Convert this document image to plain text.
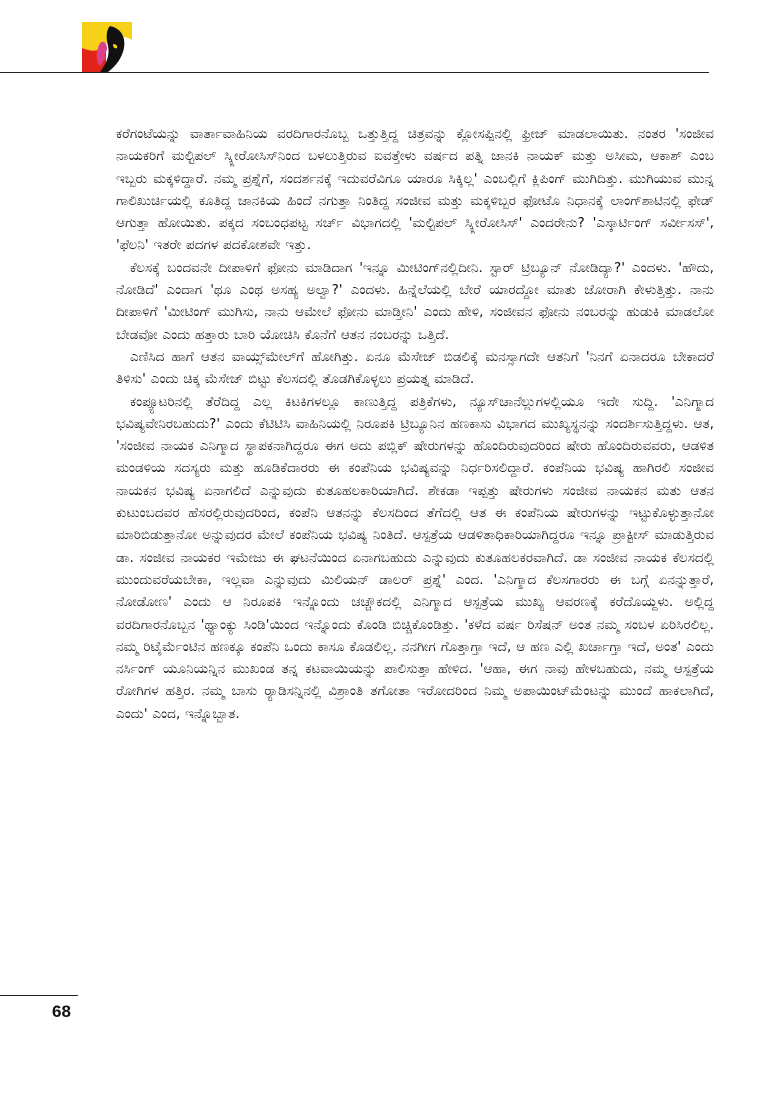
ಕರೆಗಂಟೆಯನ್ನು ವಾರ್ತಾವಾಹಿನಿಯ ವರದಿಗಾರನೊಬ್ಬ ಒತ್ತುತ್ತಿದ್ದ ಚಿತ್ರವನ್ನು ಕ್ಲೋಸಪ್ಪಿನಲ್ಲಿ ಫ್ರೀಜ್ ಮಾಡಲಾಯಿತು. ನಂತರ 'ಸಂಜೀವ ನಾಯಕರಿಗೆ ಮಲ್ಟಿಪಲ್ ಸ್ಕ್ಲೀರೋಸಿಸ್‌ನಿಂದ ಬಳಲುತ್ತಿರುವ ಐವತ್ತೇಳು ವರ್ಷದ ಪತ್ನಿ ಜಾನಕಿ ನಾಯಕ್ ಮತ್ತು ಅಸೀಮ, ಆಕಾಶ್ ಎಂಬ ಇಬ್ಬರು ಮಕ್ಕಳಿದ್ದಾರೆ. ನಮ್ಮ ಪ್ರಶ್ನೆಗೆ, ಸಂದರ್ಶನಕ್ಕೆ ಇದುವರೆವಿಗೂ ಯಾರೂ ಸಿಕ್ಕಿಲ್ಲ' ಎಂಬಲ್ಲಿಗೆ ಕ್ಲಿಪಿಂಗ್ ಮುಗಿದಿತ್ತು. ಮುಗಿಯುವ ಮುನ್ನ ಗಾಲಿಖುರ್ಚಿಯಲ್ಲಿ ಕೂತಿದ್ದ ಜಾನಕಿಯ ಹಿಂದೆ ನಗುತ್ತಾ ನಿಂತಿದ್ದ ಸಂಜೀವ ಮತ್ತು ಮಕ್ಕಳಿಬ್ಬರ ಫೋಟೊ ನಿಧಾನಕ್ಕೆ ಲಾಂಗ್‌ಶಾಟಿನಲ್ಲಿ ಫೇಡ್ ಆಗುತ್ತಾ ಹೋಯಿತು. ಪಕ್ಕದ ಸಂಬಂಧಪಟ್ಟ ಸರ್ಚ್ ವಿಭಾಗದಲ್ಲಿ 'ಮಲ್ಟಿಪಲ್ ಸ್ಕ್ಲೀರೋಸಿಸ್' ಎಂದರೇನು? 'ಎಸ್ಕಾರ್ಟಿಂಗ್ ಸರ್ವೀಸಸ್', 'ಫೆಲನಿ' ಇತರೇ ಪದಗಳ ಪದಕೋಶವೇ ಇತ್ತು.

ಕೆಲಸಕ್ಕೆ ಬಂದವನೇ ದೀಪಾಳಿಗೆ ಫೋನು ಮಾಡಿದಾಗ 'ಇನ್ನೂ ಮೀಟಿಂಗ್‌ನಲ್ಲಿದೀನಿ. ಸ್ಟಾರ್ ಟ್ರಿಬ್ಯೂನ್ ನೋಡಿದ್ಯಾ?' ಎಂದಳು. 'ಹೌದು, ನೋಡಿದೆ' ಎಂದಾಗ 'ಥೂ ಎಂಥ ಅಸಹ್ಯ ಅಲ್ವಾ?' ಎಂದಳು. ಹಿನ್ನೆಲೆಯಲ್ಲಿ ಬೇರೆ ಯಾರದ್ದೋ ಮಾತು ಜೋರಾಗಿ ಕೇಳುತ್ತಿತ್ತು. ನಾನು ದೀಪಾಳಿಗೆ 'ಮೀಟಿಂಗ್ ಮುಗಿಸು, ನಾನು ಆಮೇಲೆ ಫೋನು ಮಾಡ್ತೀನಿ' ಎಂದು ಹೇಳಿ, ಸಂಜೀವನ ಫೋನು ನಂಬರನ್ನು ಹುಡುಕಿ ಮಾಡಲೋ ಬೇಡವೋ ಎಂದು ಹತ್ತಾರು ಬಾರಿ ಯೋಚಿಸಿ ಕೊನೆಗೆ ಆತನ ನಂಬರನ್ನು ಒತ್ತಿದೆ.

ಎಣಿಸಿದ ಹಾಗೆ ಆತನ ವಾಯ್ಸ್‌ಮೇಲ್‌ಗೆ ಹೋಗಿತ್ತು. ಏನೂ ಮೆಸೇಜ್ ಬಿಡಲಿಕ್ಕೆ ಮನಸ್ಸಾಗದೇ ಆತನಿಗೆ 'ನಿನಗೆ ಏನಾದರೂ ಬೇಕಾದರೆ ತಿಳಿಸು' ಎಂದು ಚಿಕ್ಕ ಮೆಸೇಜ್ ಬಿಟ್ಟು ಕೆಲಸದಲ್ಲಿ ತೊಡಗಿಕೊಳ್ಳಲು ಪ್ರಯತ್ನ ಮಾಡಿದೆ.

ಕಂಪ್ಯೂಟರಿನಲ್ಲಿ ತೆರೆದಿದ್ದ ಎಲ್ಲ ಕಿಟಕಿಗಳಲ್ಲೂ ಕಾಣುತ್ತಿದ್ದ ಪತ್ರಿಕೆಗಳು, ನ್ಯೂಸ್‌ಚಾನೆಲ್ಲುಗಳಲ್ಲಿಯೂ ಇದೇ ಸುದ್ದಿ. 'ಎನಿಗ್ಮಾದ ಭವಿಷ್ಯವೇನಿರಬಹುದು?' ಎಂದು ಕೆಟಿಟಿಸಿ ವಾಹಿನಿಯಲ್ಲಿ ನಿರೂಪಕಿ ಟ್ರಿಬ್ಯೂನಿನ ಹಣಕಾಸು ವಿಭಾಗದ ಮುಖ್ಯಸ್ಥನನ್ನು ಸಂದರ್ಶಿಸುತ್ತಿದ್ದಳು. ಆತ, 'ಸಂಜೀವ ನಾಯಕ ಎನಿಗ್ಮಾದ ಸ್ಥಾಪಕನಾಗಿದ್ದರೂ ಈಗ ಅದು ಪಬ್ಲಿಕ್ ಷೇರುಗಳನ್ನು ಹೊಂದಿರುವುದರಿಂದ ಷೇರು ಹೊಂದಿರುವವರು, ಆಡಳಿತ ಮಂಡಳಿಯ ಸದಸ್ಯರು ಮತ್ತು ಹೂಡಿಕೆದಾರರು ಈ ಕಂಪೆನಿಯ ಭವಿಷ್ಯವನ್ನು ನಿರ್ಧರಿಸಲಿದ್ದಾರೆ. ಕಂಪೆನಿಯ ಭವಿಷ್ಯ ಹಾಗಿರಲಿ ಸಂಜೀವ ನಾಯಕನ ಭವಿಷ್ಯ ಏನಾಗಲಿದೆ ಎನ್ನುವುದು ಕುತೂಹಲಕಾರಿಯಾಗಿದೆ. ಶೇಕಡಾ ಇಪ್ಪತ್ತು ಷೇರುಗಳು ಸಂಜೀವ ನಾಯಕನ ಮತು ಆತನ ಕುಟುಂಬದವರ ಹೆಸರಲ್ಲಿರುವುದರಿಂದ, ಕಂಪೆನಿ ಆತನನ್ನು ಕೆಲಸದಿಂದ ತೆಗೆದಲ್ಲಿ ಆತ ಈ ಕಂಪೆನಿಯ ಷೇರುಗಳನ್ನು ಇಟ್ಟುಕೊಳ್ಳುತ್ತಾನೋ ಮಾರಿಬಿಡುತ್ತಾನೋ ಅನ್ನುವುದರ ಮೇಲೆ ಕಂಪೆನಿಯ ಭವಿಷ್ಯ ನಿಂತಿದೆ. ಆಸ್ಪತ್ರೆಯ ಆಡಳಿತಾಧಿಕಾರಿಯಾಗಿದ್ದರೂ ಇನ್ನೂ ಪ್ರಾಕ್ಟೀಸ್ ಮಾಡುತ್ತಿರುವ ಡಾ. ಸಂಜೀವ ನಾಯಕರ ಇಮೇಜು ಈ ಘಟನೆಯಿಂದ ಏನಾಗಬಹುದು ಎನ್ನುವುದು ಕುತೂಹಲಕರವಾಗಿದೆ. ಡಾ ಸಂಜೀವ ನಾಯಕ ಕೆಲಸದಲ್ಲಿ ಮುಂದುವರೆಯಬೇಕಾ, ಇಲ್ಲವಾ ಎನ್ನುವುದು ಮಿಲಿಯನ್ ಡಾಲರ್ ಪ್ರಶ್ನೆ' ಎಂದ. 'ಎನಿಗ್ಮಾದ ಕೆಲಸಗಾರರು ಈ ಬಗ್ಗೆ ಏನನ್ನುತ್ತಾರೆ, ನೋಡೋಣ' ಎಂದು ಆ ನಿರೂಪಕಿ ಇನ್ನೊಂದು ಚಚ್ಚೌಕದಲ್ಲಿ ಎನಿಗ್ಮಾದ ಆಸ್ಪತ್ರೆಯ ಮುಖ್ಯ ಆವರಣಕ್ಕೆ ಕರೆದೊಯ್ದಳು. ಅಲ್ಲಿದ್ದ ವರದಿಗಾರನೊಬ್ಬನ 'ಥ್ಯಾಂಕ್ಯು ಸಿಂಡಿ'ಯಿಂದ ಇನ್ನೊಂದು ಕೊಂಡಿ ಬಿಚ್ಚಿಕೊಂಡಿತ್ತು. 'ಕಳೆದ ವರ್ಷ ರಿಸೆಷನ್ ಅಂತ ನಮ್ಮ ಸಂಬಳ ಏರಿಸಿರಲಿಲ್ಲ. ನಮ್ಮ ರಿಟೈರ್ಮೆಂಟಿನ ಹಣಕ್ಕೂ ಕಂಪೆನಿ ಒಂದು ಕಾಸೂ ಕೊಡಲಿಲ್ಲ. ನನಗೀಗ ಗೊತ್ತಾಗ್ತಾ ಇದೆ, ಆ ಹಣ ಎಲ್ಲಿ ಖರ್ಚಾಗ್ತಾ ಇದೆ, ಅಂತ' ಎಂದು ನರ್ಸಿಂಗ್ ಯೂನಿಯನ್ನಿನ ಮುಖಂಡ ತನ್ನ ಕಟವಾಯಿಯನ್ನು ಪಾಲಿಸುತ್ತಾ ಹೇಳಿದ. 'ಆಹಾ, ಈಗ ನಾವು ಹೇಳಬಹುದು, ನಮ್ಮ ಆಸ್ಪತ್ರೆಯ ರೋಗಿಗಳ ಹತ್ತಿರ. ನಮ್ಮ ಬಾಸು ರ್‍ಯಾಡಿಸನ್ನಿನಲ್ಲಿ ವಿಶ್ರಾಂತಿ ತಗೋತಾ ಇರೋದರಿಂದ ನಿಮ್ಮ ಅಪಾಯಿಂಟ್‌ಮೆಂಟನ್ನು ಮುಂದೆ ಹಾಕಲಾಗಿದೆ, ಎಂದು' ಎಂದ, ಇನ್ನೊಬ್ಬಾತ.

68
